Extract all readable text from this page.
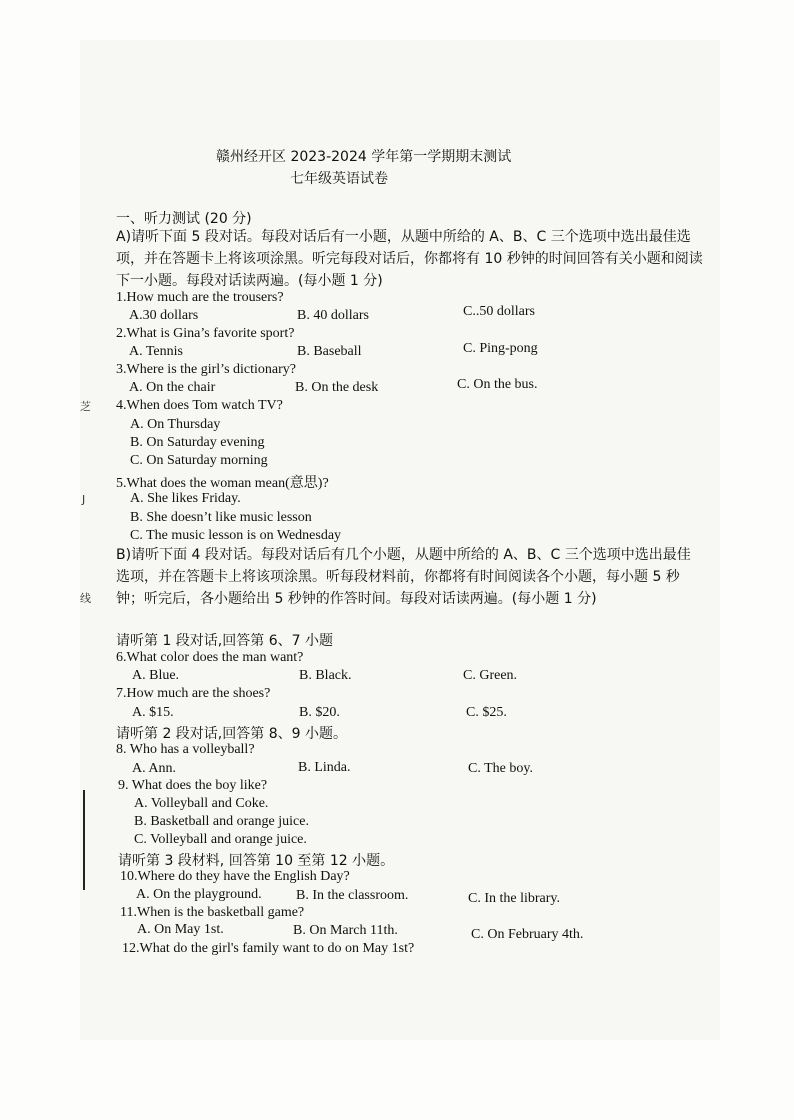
芝
J
线
赣州经开区 2023-2024 学年第一学期期末测试
七年级英语试卷
一、听力测试 (20 分)
A)请听下面 5 段对话。每段对话后有一小题，从题中所给的 A、B、C 三个选项中选出最佳选项，并在答题卡上将该项涂黑。听完每段对话后，你都将有 10 秒钟的时间回答有关小题和阅读下一小题。每段对话读两遍。(每小题 1 分)
1.How much are the trousers?
A.30 dollars	B. 40 dollars	C..50 dollars
2.What is Gina’s favorite sport?
A. Tennis	B. Baseball	C. Ping-pong
3.Where is the girl’s dictionary?
A. On the chair	B. On the desk	C. On the bus.
4.When does Tom watch TV?
A. On Thursday
B. On Saturday evening
C. On Saturday morning
5.What does the woman mean(意思)?
A. She likes Friday.
B. She doesn’t like music lesson
C. The music lesson is on Wednesday
B)请听下面 4 段对话。每段对话后有几个小题，从题中所给的 A、B、C 三个选项中选出最佳选项，并在答题卡上将该项涂黑。听每段材料前，你都将有时间阅读各个小题，每小题 5 秒钟；听完后，各小题给出 5 秒钟的作答时间。每段对话读两遍。(每小题 1 分)
请听第 1 段对话,回答第 6、7 小题
6.What color does the man want?
A. Blue.	B. Black.	C. Green.
7.How much are the shoes?
A. $15.	B. $20.	C. $25.
请听第 2 段对话,回答第 8、9 小题。
8. Who has a volleyball?
A. Ann.	B. Linda.	C. The boy.
9. What does the boy like?
A. Volleyball and Coke.
B. Basketball and orange juice.
C. Volleyball and orange juice.
请听第 3 段材料, 回答第 10 至第 12 小题。
10.Where do they have the English Day?
A. On the playground. B. In the classroom.	C. In the library.
11.When is the basketball game?
A. On May 1st.	B. On March 11th.	C. On February 4th.
12.What do the girl's family want to do on May 1st?
